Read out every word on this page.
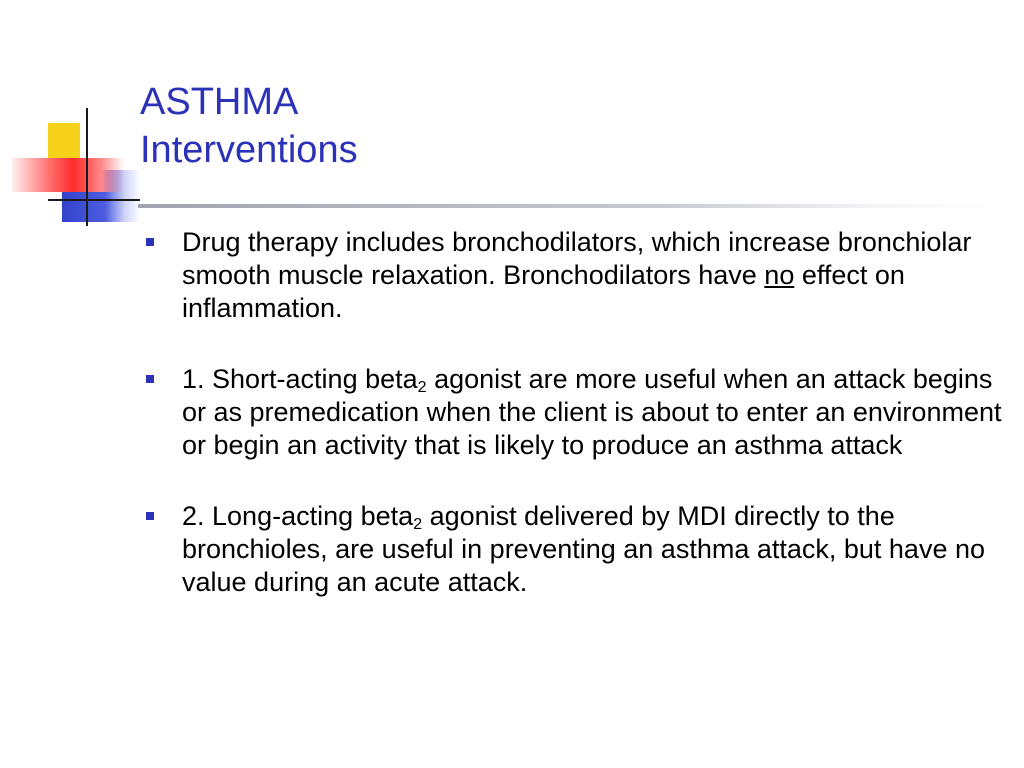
ASTHMA
Interventions
Drug therapy includes bronchodilators, which increase bronchiolar smooth muscle relaxation. Bronchodilators have no effect on inflammation.
1. Short-acting beta$_2$ agonist are more useful when an attack begins or as premedication when the client is about to enter an environment or begin an activity that is likely to produce an asthma attack
2. Long-acting beta$_2$ agonist delivered by MDI directly to the bronchioles, are useful in preventing an asthma attack, but have no value during an acute attack.
